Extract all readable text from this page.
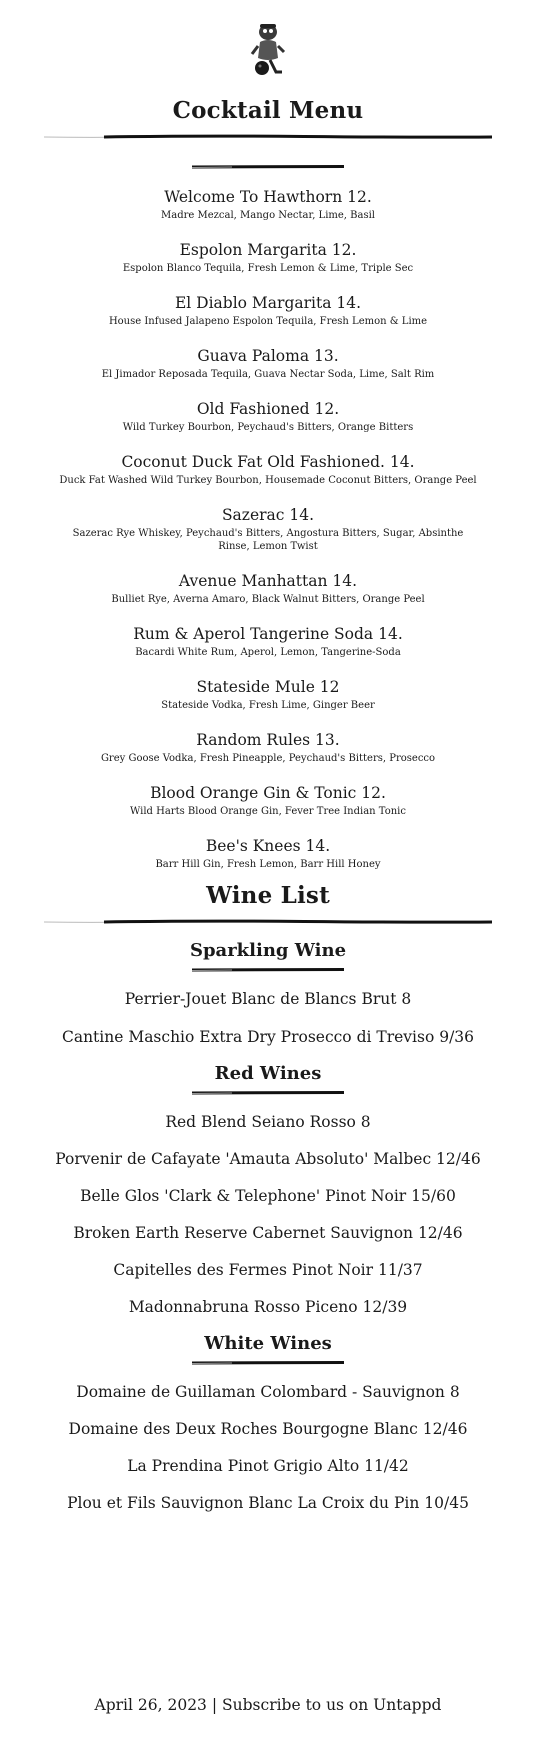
Cocktail Menu

Welcome To Hawthorn 12.

Madre Mezcal, Mango Nectar, Lime, Basil

Espolon Margarita 12.

Espolon Blanco Tequila, Fresh Lemon & Lime, Triple Sec

El Diablo Margarita 14.

House Infused Jalapeno Espolon Tequila, Fresh Lemon & Lime

Guava Paloma 13.

El Jimador Reposada Tequila, Guava Nectar Soda, Lime, Salt Rim

Old Fashioned 12.

Wild Turkey Bourbon, Peychaud's Bitters, Orange Bitters

Coconut Duck Fat Old Fashioned. 14.

Duck Fat Washed Wild Turkey Bourbon, Housemade Coconut Bitters, Orange Peel

Sazerac 14.

Sazerac Rye Whiskey, Peychaud's Bitters, Angostura Bitters, Sugar, Absinthe Rinse, Lemon Twist

Avenue Manhattan 14.

Bulliet Rye, Averna Amaro, Black Walnut Bitters, Orange Peel

Rum & Aperol Tangerine Soda 14.

Bacardi White Rum, Aperol, Lemon, Tangerine-Soda

Stateside Mule 12

Stateside Vodka, Fresh Lime, Ginger Beer

Random Rules 13.

Grey Goose Vodka, Fresh Pineapple, Peychaud's Bitters, Prosecco

Blood Orange Gin & Tonic 12.

Wild Harts Blood Orange Gin, Fever Tree Indian Tonic

Bee's Knees 14.

Barr Hill Gin, Fresh Lemon, Barr Hill Honey

Wine List
Sparkling Wine

Perrier-Jouet Blanc de Blancs Brut 8

Cantine Maschio Extra Dry Prosecco di Treviso 9/36

Red Wines

Red Blend Seiano Rosso 8

Porvenir de Cafayate 'Amauta Absoluto' Malbec 12/46

Belle Glos 'Clark & Telephone' Pinot Noir 15/60

Broken Earth Reserve Cabernet Sauvignon 12/46

Capitelles des Fermes Pinot Noir 11/37

Madonnabruna Rosso Piceno 12/39

White Wines

Domaine de Guillaman Colombard - Sauvignon 8

Domaine des Deux Roches Bourgogne Blanc 12/46

La Prendina Pinot Grigio Alto 11/42

Plou et Fils Sauvignon Blanc La Croix du Pin 10/45

April 26, 2023 | Subscribe to us on Untappd
